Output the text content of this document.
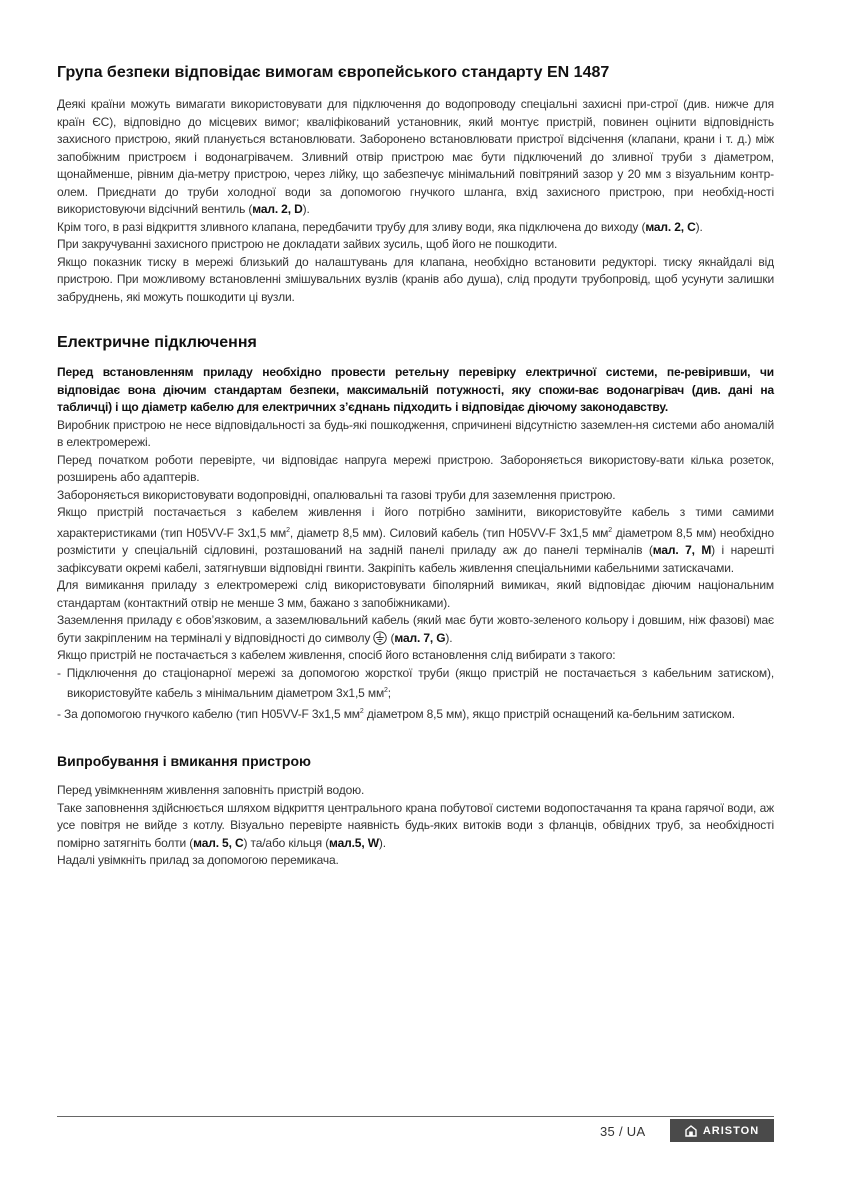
Група безпеки відповідає вимогам європейського стандарту EN 1487

Деякі країни можуть вимагати використовувати для підключення до водопроводу спеціальні захисні при-строї (див. нижче для країн ЄС), відповідно до місцевих вимог; кваліфікований установник, який монтує пристрій, повинен оцінити відповідність захисного пристрою, який планується встановлювати. Заборонено встановлювати пристрої відсічення (клапани, крани і т. д.) між запобіжним пристроєм і водонагрівачем. Зливний отвір пристрою має бути підключений до зливної труби з діаметром, щонайменше, рівним діа-метру пристрою, через лійку, що забезпечує мінімальний повітряний зазор у 20 мм з візуальним контр- олем. Приєднати до труби холодної води за допомогою гнучкого шланга, вхід захисного пристрою, при необхід-ності використовуючи відсічний вентиль (мал. 2, D).

Крім того, в разі відкриття зливного клапана, передбачити трубу для зливу води, яка підключена до виходу (мал. 2, C).

При закручуванні захисного пристрою не докладати зайвих зусиль, щоб його не пошкодити.

Якщо показник тиску в мережі близький до налаштувань для клапана, необхідно встановити редукторі. тиску якнайдалі від пристрою. При можливому встановленні змішувальних вузлів (кранів або душа), слід продути трубопровід, щоб усунути залишки забруднень, які можуть пошкодити ці вузли.

Електричне підключення

Перед встановленням приладу необхідно провести ретельну перевірку електричної системи, пе-ревіривши, чи відповідає вона діючим стандартам безпеки, максимальній потужності, яку спожи-ває водонагрівач (див. дані на табличці) і що діаметр кабелю для електричних з’єднань підходить і відповідає діючому законодавству.

Виробник пристрою не несе відповідальності за будь-які пошкодження, спричинені відсутністю заземлен-ня системи або аномалій в електромережі.

Перед початком роботи перевірте, чи відповідає напруга мережі пристрою. Забороняється використову-вати кілька розеток, розширень або адаптерів.

Забороняється використовувати водопровідні, опалювальні та газові труби для заземлення пристрою.

Якщо пристрій постачається з кабелем живлення і його потрібно замінити, використовуйте кабель з тими самими характеристиками (тип H05VV-F 3x1,5 $мм^2$, діаметр 8,5 мм). Силовий кабель (тип H05VV-F 3x1,5 $мм^2$ діаметром 8,5 мм) необхідно розмістити у спеціальній сідловині, розташований на задній панелі приладу аж до панелі терміналів (мал. 7, M) і нарешті зафіксувати окремі кабелі, затягнувши відповідні гвинти. Закріпіть кабель живлення спеціальними кабельними затискачами.

Для вимикання приладу з електромережі слід використовувати біполярний вимикач, який відповідає діючим національним стандартам (контактний отвір не менше 3 мм, бажано з запобіжниками).

Заземлення приладу є обов’язковим, а заземлювальний кабель (який має бути жовто-зеленого кольору і довшим, ніж фазові) має бути закріпленим на терміналі у відповідності до символу  (мал. 7, G).

Якщо пристрій не постачається з кабелем живлення, спосіб його встановлення слід вибирати з такого:

- Підключення до стаціонарної мережі за допомогою жорсткої труби (якщо пристрій не постачається з кабельним затиском), використовуйте кабель з мінімальним діаметром 3x1,5 $мм^2$;

- За допомогою гнучкого кабелю (тип H05VV-F 3x1,5 $мм^2$ діаметром 8,5 мм), якщо пристрій оснащений ка-бельним затиском.

Випробування і вмикання пристрою

Перед увімкненням живлення заповніть пристрій водою.

Таке заповнення здійснюється шляхом відкриття центрального крана побутової системи водопостачання та крана гарячої води, аж усе повітря не вийде з котлу. Візуально перевірте наявність будь-яких витоків води з фланців, обвідних труб, за необхідності помірно затягніть болти (мал. 5, C) та/або кільця (мал.5, W).

Надалі увімкніть прилад за допомогою перемикача.

35 / UA	ARISTON
